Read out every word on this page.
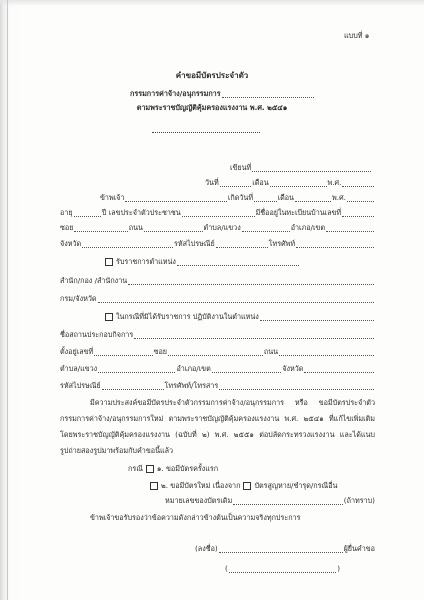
แบบที่ ๑
คำขอมีบัตรประจำตัว
กรรมการค่าจ้าง/อนุกรรมการ
ตามพระราชบัญญัติคุ้มครองแรงงาน พ.ศ. ๒๕๔๑
เขียนที่
วันที่	เดือน	พ.ศ.
ข้าพเจ้า	เกิดวันที่	เดือน	พ.ศ.
อายุ	ปี เลขประจำตัวประชาชน	มีชื่ออยู่ในทะเบียนบ้านเลขที่
ซอย	ถนน	ตำบล/แขวง	อำเภอ/เขต
จังหวัด	รหัสไปรษณีย์	โทรศัพท์
รับราชการตำแหน่ง
สำนัก/กอง /สำนักงาน
กรม/จังหวัด
ในกรณีที่มิได้รับราชการ ปฏิบัติงานในตำแหน่ง
ชื่อสถานประกอบกิจการ
ตั้งอยู่เลขที่	ซอย	ถนน
ตำบล/แขวง	อำเภอ/เขต	จังหวัด
รหัสไปรษณีย์	โทรศัพท์/โทรสาร
มีความประสงค์ขอมีบัตรประจำตัวกรรมการค่าจ้าง/อนุกรรมการ หรือ ขอมีบัตรประจำตัว
กรรมการค่าจ้าง/อนุกรรมการใหม่ ตามพระราชบัญญัติคุ้มครองแรงงาน พ.ศ. ๒๕๔๑ ที่แก้ไขเพิ่มเติม
โดยพระราชบัญญัติคุ้มครองแรงงาน (ฉบับที่ ๒) พ.ศ. ๒๕๕๑ ต่อปลัดกระทรวงแรงงาน และได้แนบ
รูปถ่ายสองรูปมาพร้อมกับคำขอนี้แล้ว
กรณี ๑. ขอมีบัตรครั้งแรก
๒. ขอมีบัตรใหม่ เนื่องจาก บัตรสูญหาย/ชำรุด/กรณีอื่น
หมายเลขของบัตรเดิม	(ถ้าทราบ)
ข้าพเจ้าขอรับรองว่าข้อความดังกล่าวข้างต้นเป็นความจริงทุกประการ
(ลงชื่อ)	ผู้ยื่นคำขอ
(	)
